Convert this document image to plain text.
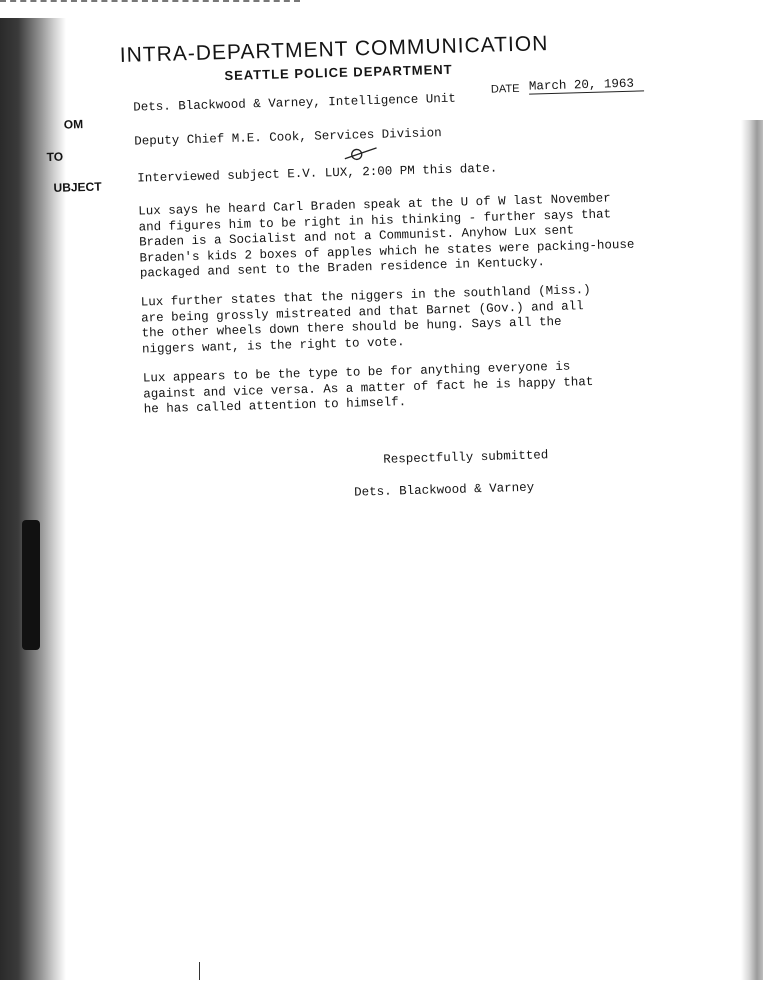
INTRA-DEPARTMENT COMMUNICATION
SEATTLE POLICE DEPARTMENT
OM
Dets. Blackwood & Varney, Intelligence Unit
DATE March 20, 1963
TO
Deputy Chief M.E. Cook, Services Division
UBJECT
Interviewed subject E.V. LUX, 2:00 PM this date.
Lux says he heard Carl Braden speak at the U of W last November
and figures him to be right in his thinking - further says that
Braden is a Socialist and not a Communist. Anyhow Lux sent
Braden's kids 2 boxes of apples which he states were packing-house
packaged and sent to the Braden residence in Kentucky.
Lux further states that the niggers in the southland (Miss.)
are being grossly mistreated and that Barnet (Gov.) and all
the other wheels down there should be hung. Says all the
niggers want, is the right to vote.
Lux appears to be the type to be for anything everyone is
against and vice versa. As a matter of fact he is happy that
he has called attention to himself.
Respectfully submitted
Dets. Blackwood & Varney
